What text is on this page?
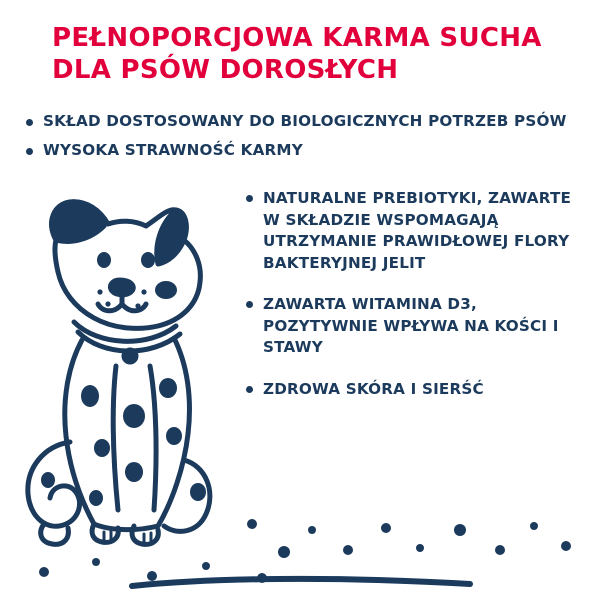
PEŁNOPORCJOWA KARMA SUCHA
DLA PSÓW DOROSŁYCH
SKŁAD DOSTOSOWANY DO BIOLOGICZNYCH POTRZEB PSÓW
WYSOKA STRAWNOŚĆ KARMY
NATURALNE PREBIOTYKI, ZAWARTE W SKŁADZIE WSPOMAGAJĄ UTRZYMANIE PRAWIDŁOWEJ FLORY BAKTERYJNEJ JELIT
ZAWARTA WITAMINA D3, POZYTYWNIE WPŁYWA NA KOŚCI I STAWY
ZDROWA SKÓRA I SIERŚĆ
